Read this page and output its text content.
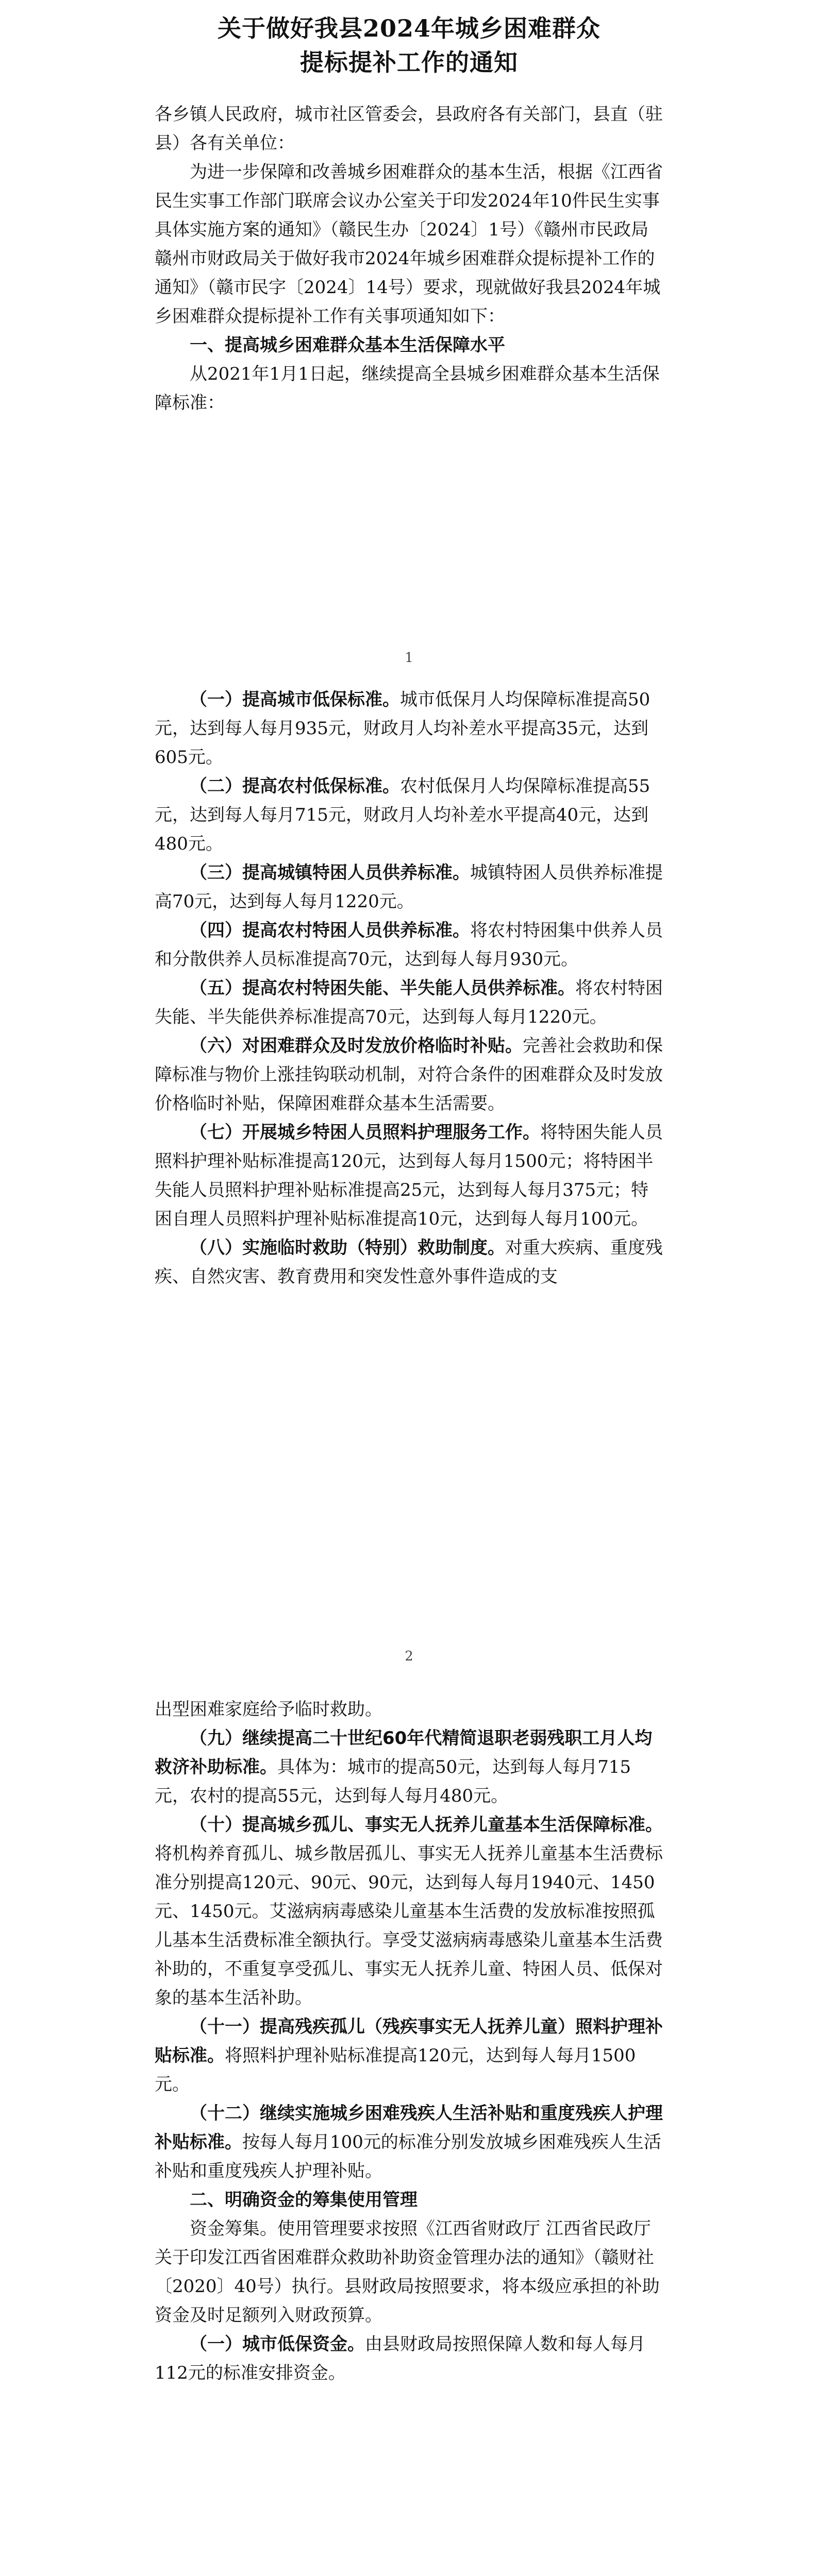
关于做好我县2024年城乡困难群众

提标提补工作的通知

各乡镇人民政府，城市社区管委会，县政府各有关部门，县直（驻县）各有关单位：

为进一步保障和改善城乡困难群众的基本生活，根据《江西省民生实事工作部门联席会议办公室关于印发2024年10件民生实事具体实施方案的通知》（赣民生办〔2024〕1号）《赣州市民政局 赣州市财政局关于做好我市2024年城乡困难群众提标提补工作的通知》（赣市民字〔2024〕14号）要求，现就做好我县2024年城乡困难群众提标提补工作有关事项通知如下：

一、提高城乡困难群众基本生活保障水平

从2021年1月1日起，继续提高全县城乡困难群众基本生活保障标准：

1

（一）提高城市低保标准。城市低保月人均保障标准提高50元，达到每人每月935元，财政月人均补差水平提高35元，达到605元。

（二）提高农村低保标准。农村低保月人均保障标准提高55元，达到每人每月715元，财政月人均补差水平提高40元，达到480元。

（三）提高城镇特困人员供养标准。城镇特困人员供养标准提高70元，达到每人每月1220元。

（四）提高农村特困人员供养标准。将农村特困集中供养人员和分散供养人员标准提高70元，达到每人每月930元。

（五）提高农村特困失能、半失能人员供养标准。将农村特困失能、半失能供养标准提高70元，达到每人每月1220元。

（六）对困难群众及时发放价格临时补贴。完善社会救助和保障标准与物价上涨挂钩联动机制，对符合条件的困难群众及时发放价格临时补贴，保障困难群众基本生活需要。

（七）开展城乡特困人员照料护理服务工作。将特困失能人员照料护理补贴标准提高120元，达到每人每月1500元；将特困半失能人员照料护理补贴标准提高25元，达到每人每月375元；特困自理人员照料护理补贴标准提高10元，达到每人每月100元。

（八）实施临时救助（特别）救助制度。对重大疾病、重度残疾、自然灾害、教育费用和突发性意外事件造成的支

2

出型困难家庭给予临时救助。

（九）继续提高二十世纪60年代精简退职老弱残职工月人均救济补助标准。具体为：城市的提高50元，达到每人每月715元，农村的提高55元，达到每人每月480元。

（十）提高城乡孤儿、事实无人抚养儿童基本生活保障标准。将机构养育孤儿、城乡散居孤儿、事实无人抚养儿童基本生活费标准分别提高120元、90元、90元，达到每人每月1940元、1450元、1450元。艾滋病病毒感染儿童基本生活费的发放标准按照孤儿基本生活费标准全额执行。享受艾滋病病毒感染儿童基本生活费补助的，不重复享受孤儿、事实无人抚养儿童、特困人员、低保对象的基本生活补助。

（十一）提高残疾孤儿（残疾事实无人抚养儿童）照料护理补贴标准。将照料护理补贴标准提高120元，达到每人每月1500元。

（十二）继续实施城乡困难残疾人生活补贴和重度残疾人护理补贴标准。按每人每月100元的标准分别发放城乡困难残疾人生活补贴和重度残疾人护理补贴。

二、明确资金的筹集使用管理

资金筹集。使用管理要求按照《江西省财政厅 江西省民政厅关于印发江西省困难群众救助补助资金管理办法的通知》（赣财社〔2020〕40号）执行。县财政局按照要求，将本级应承担的补助资金及时足额列入财政预算。

（一）城市低保资金。由县财政局按照保障人数和每人每月112元的标准安排资金。
